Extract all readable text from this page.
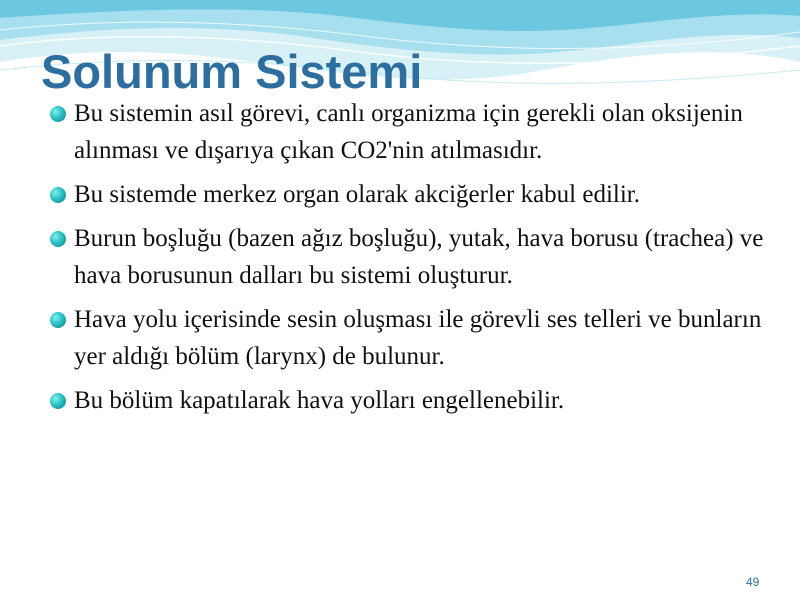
Solunum Sistemi
Bu sistemin asıl görevi, canlı organizma için gerekli olan oksijenin alınması ve dışarıya çıkan CO2'nin atılmasıdır.
Bu sistemde merkez organ olarak akciğerler kabul edilir.
Burun boşluğu (bazen ağız boşluğu), yutak, hava borusu (trachea) ve hava borusunun dalları bu sistemi oluşturur.
Hava yolu içerisinde sesin oluşması ile görevli ses telleri ve bunların yer aldığı bölüm (larynx) de bulunur.
Bu bölüm kapatılarak hava yolları engellenebilir.
49
